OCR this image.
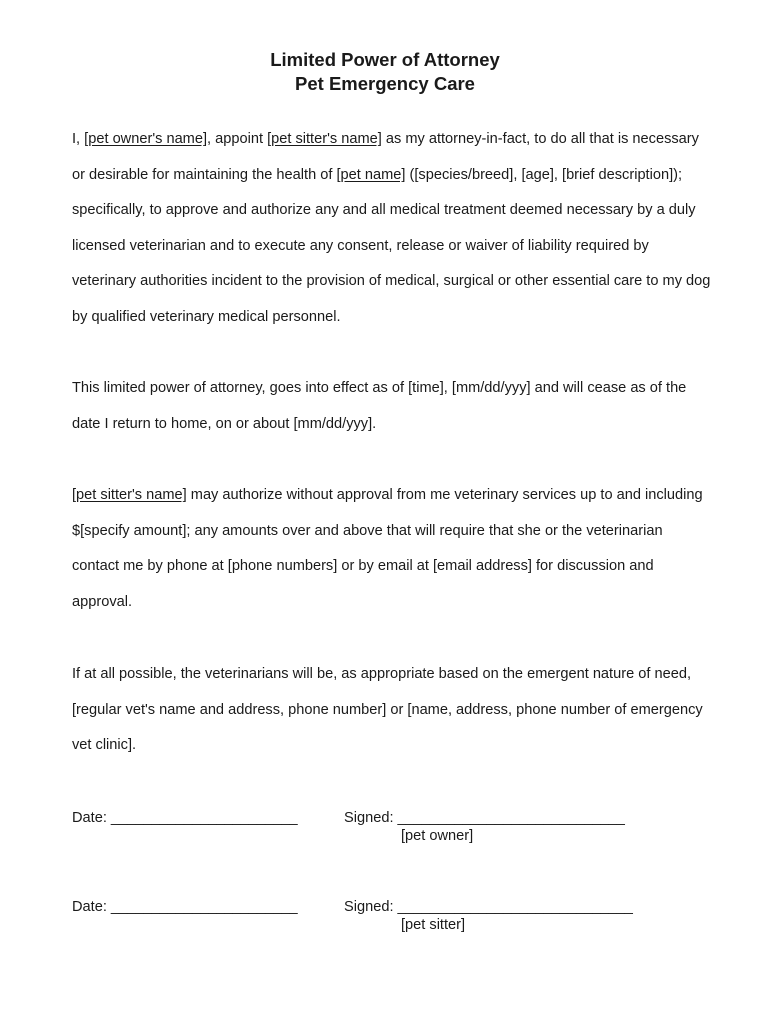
Limited Power of Attorney
Pet Emergency Care
I, [pet owner's name], appoint [pet sitter's name] as my attorney-in-fact, to do all that is necessary or desirable for maintaining the health of [pet name] ([species/breed], [age], [brief description]); specifically, to approve and authorize any and all medical treatment deemed necessary by a duly licensed veterinarian and to execute any consent, release or waiver of liability required by veterinary authorities incident to the provision of medical, surgical or other essential care to my dog by qualified veterinary medical personnel.
This limited power of attorney, goes into effect as of [time], [mm/dd/yyy] and will cease as of the date I return to home, on or about [mm/dd/yyy].
[pet sitter's name] may authorize without approval from me veterinary services up to and including $[specify amount]; any amounts over and above that will require that she or the veterinarian contact me by phone at [phone numbers] or by email at [email address] for discussion and approval.
If at all possible, the veterinarians will be, as appropriate based on the emergent nature of need, [regular vet's name and address, phone number] or [name, address, phone number of emergency vet clinic].
Date: _______________________	Signed: ____________________________
[pet owner]
Date: _______________________	Signed: _____________________________
[pet sitter]
